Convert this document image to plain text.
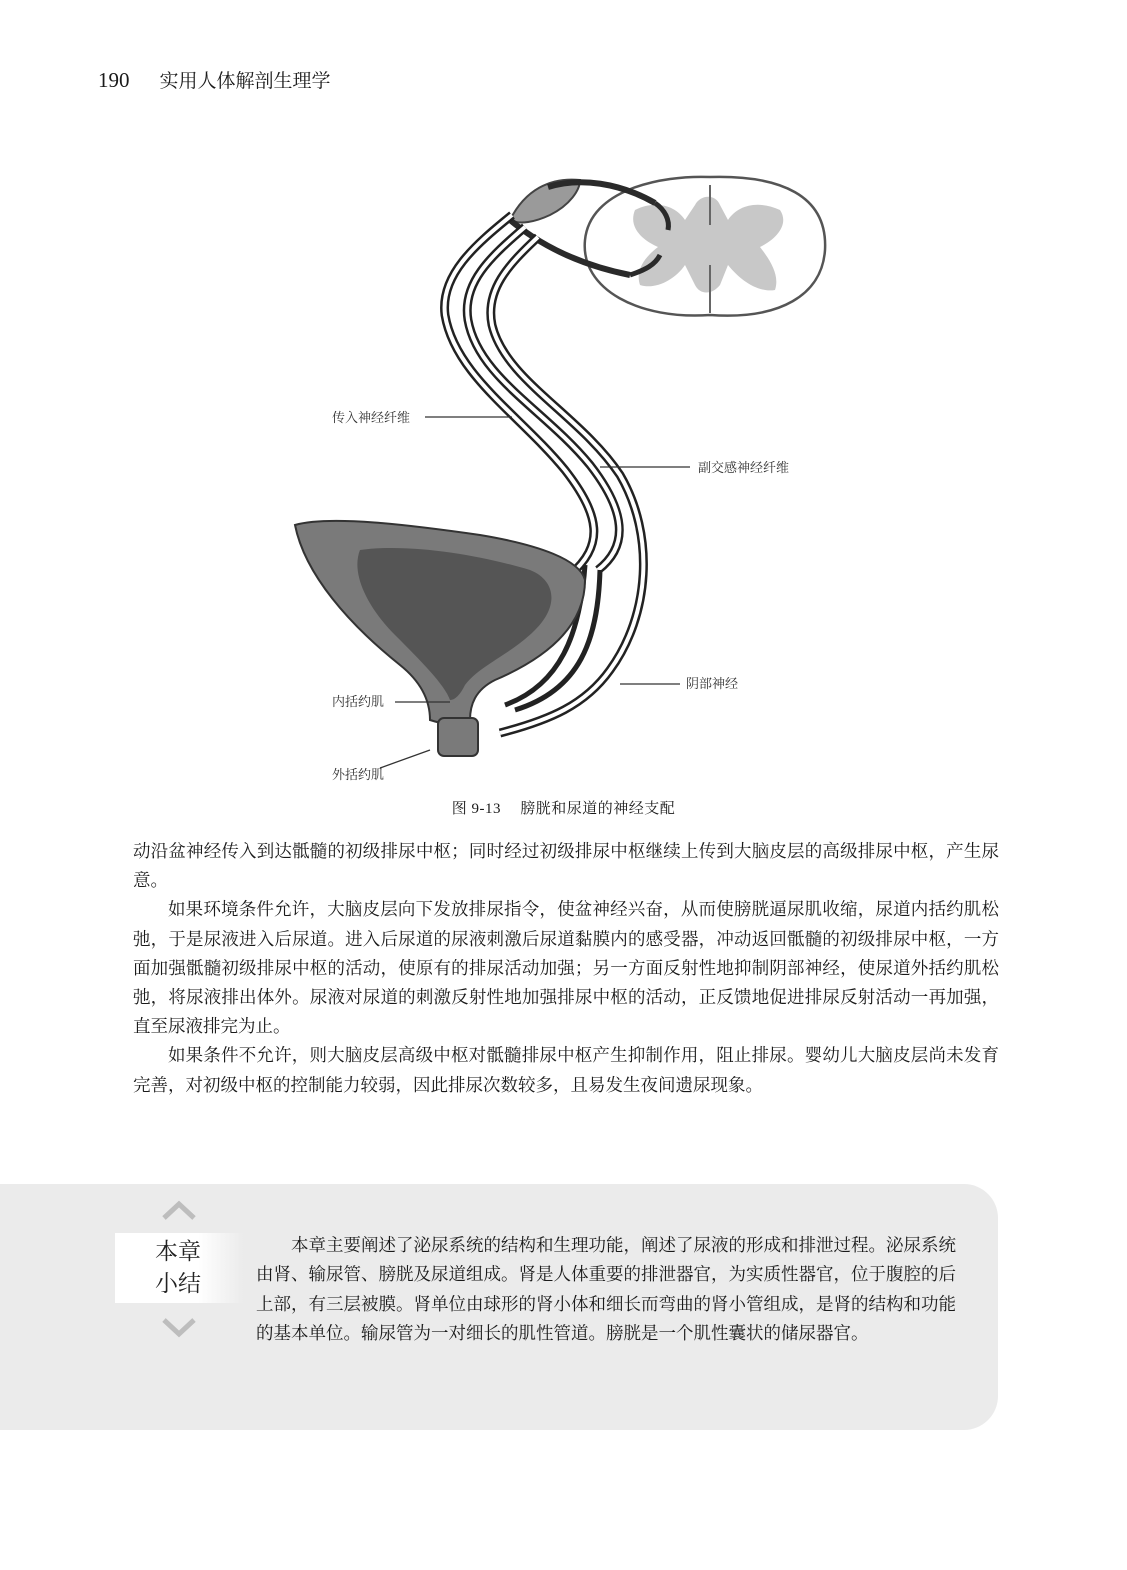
190 实用人体解剖生理学
传入神经纤维
副交感神经纤维
阴部神经
内括约肌
外括约肌
图 9-13 膀胱和尿道的神经支配

动沿盆神经传入到达骶髓的初级排尿中枢；同时经过初级排尿中枢继续上传到大脑皮层的高级排尿中枢，产生尿意。

如果环境条件允许，大脑皮层向下发放排尿指令，使盆神经兴奋，从而使膀胱逼尿肌收缩，尿道内括约肌松弛，于是尿液进入后尿道。进入后尿道的尿液刺激后尿道黏膜内的感受器，冲动返回骶髓的初级排尿中枢，一方面加强骶髓初级排尿中枢的活动，使原有的排尿活动加强；另一方面反射性地抑制阴部神经，使尿道外括约肌松弛，将尿液排出体外。尿液对尿道的刺激反射性地加强排尿中枢的活动，正反馈地促进排尿反射活动一再加强，直至尿液排完为止。

如果条件不允许，则大脑皮层高级中枢对骶髓排尿中枢产生抑制作用，阻止排尿。婴幼儿大脑皮层尚未发育完善，对初级中枢的控制能力较弱，因此排尿次数较多，且易发生夜间遗尿现象。

本章
小结

本章主要阐述了泌尿系统的结构和生理功能，阐述了尿液的形成和排泄过程。泌尿系统由肾、输尿管、膀胱及尿道组成。肾是人体重要的排泄器官，为实质性器官，位于腹腔的后上部，有三层被膜。肾单位由球形的肾小体和细长而弯曲的肾小管组成，是肾的结构和功能的基本单位。输尿管为一对细长的肌性管道。膀胱是一个肌性囊状的储尿器官。
